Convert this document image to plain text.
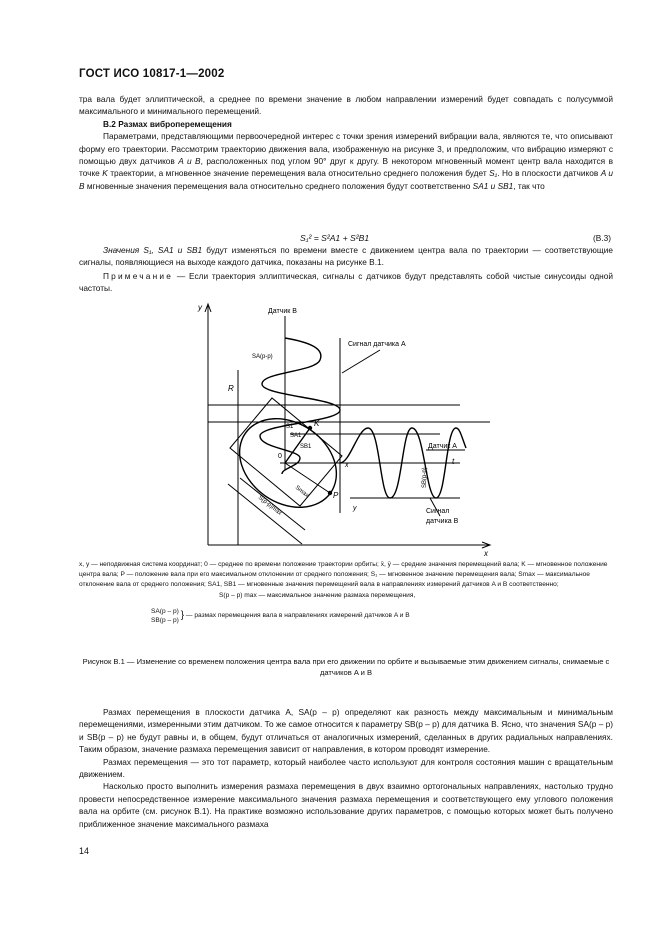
ГОСТ ИСО 10817-1—2002

тра вала будет эллиптической, а среднее по времени значение в любом направлении измерений будет совпадать с полусуммой максимального и минимального перемещений.

В.2 Размах виброперемещения

Параметрами, представляющими первоочередной интерес с точки зрения измерений вибрации вала, являются те, что описывают форму его траектории. Рассмотрим траекторию движения вала, изображенную на рисунке 3, и предположим, что вибрацию измеряют с помощью двух датчиков A и B, расположенных под углом 90° друг к другу. В некотором мгновенный момент центр вала находится в точке K траектории, а мгновенное значение перемещения вала относительно среднего положения будет S₁. Но в плоскости датчиков A и B мгновенные значения перемещения вала относительно среднего положения будут соответственно SA1 и SB1, так что

S₁² = S²A1 + S²B1	(B.3)

Значения S₁, SA1 и SB1 будут изменяться по времени вместе с движением центра вала по траектории — соответствующие сигналы, появляющиеся на выходе каждого датчика, показаны на рисунке В.1.

Примечание — Если траектория эллиптическая, сигналы с датчиков будут представлять собой чистые синусоиды одной частоты.

y
x
Датчик B
Сигнал датчика A
Датчик A
Сигнал
датчика B
R
K
P
0
t
x
y
SA1
SB1
S1
Smax
SA(p-p)
SB(p-p)
S(p-p)max

x, y — неподвижная система координат; 0 — среднее по времени положение траектории орбиты; x̄, ȳ — средние значения перемещений вала; K — мгновенное положение центра вала; P — положение вала при его максимальном отклонении от среднего положения; S₁ — мгновенное значение перемещения вала; Smax — максимальное отклонение вала от среднего положения; SA1, SB1 — мгновенные значения перемещений вала в направлениях измерений датчиков A и B соответственно;

S(p – p) max — максимальное значение размаха перемещения,

SA(p – p)
SB(p – p) } — размах перемещения вала в направлениях измерений датчиков A и B

Рисунок В.1 — Изменение со временем положения центра вала при его движении по орбите и вызываемые этим движением сигналы, снимаемые с датчиков A и B

Размах перемещения в плоскости датчика A, SA(p – p) определяют как разность между максимальным и минимальным перемещениями, измеренными этим датчиком. То же самое относится к параметру SB(p – p) для датчика B. Ясно, что значения SA(p – p) и SB(p – p) не будут равны и, в общем, будут отличаться от аналогичных измерений, сделанных в других радиальных направлениях. Таким образом, значение размаха перемещения зависит от направления, в котором проводят измерение.

Размах перемещения — это тот параметр, который наиболее часто используют для контроля состояния машин с вращательным движением.

Насколько просто выполнить измерения размаха перемещения в двух взаимно ортогональных направлениях, настолько трудно провести непосредственное измерение максимального значения размаха перемещения и соответствующего ему углового положения вала на орбите (см. рисунок В.1). На практике возможно использование других параметров, с помощью которых может быть получено приближенное значение максимального размаха

14
